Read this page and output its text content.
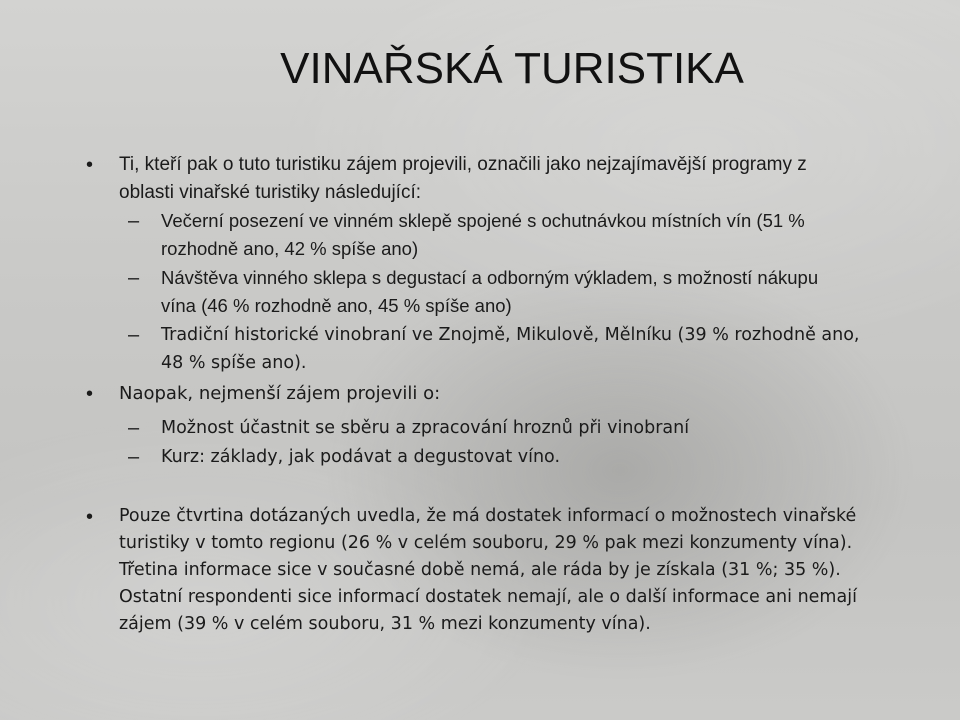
VINAŘSKÁ TURISTIKA
• Ti, kteří pak o tuto turistiku zájem projevili, označili jako nejzajímavější programy z oblasti vinařské turistiky následující:
– Večerní posezení ve vinném sklepě spojené s ochutnávkou místních vín (51 % rozhodně ano, 42 % spíše ano)
– Návštěva vinného sklepa s degustací a odborným výkladem, s možností nákupu vína (46 % rozhodně ano, 45 % spíše ano)
– Tradiční historické vinobraní ve Znojmě, Mikulově, Mělníku (39 % rozhodně ano, 48 % spíše ano).
• Naopak, nejmenší zájem projevili o:
– Možnost účastnit se sběru a zpracování hroznů při vinobraní
– Kurz: základy, jak podávat a degustovat víno.
• Pouze čtvrtina dotázaných uvedla, že má dostatek informací o možnostech vinařské turistiky v tomto regionu (26 % v celém souboru, 29 % pak mezi konzumenty vína). Třetina informace sice v současné době nemá, ale ráda by je získala (31 %; 35 %). Ostatní respondenti sice informací dostatek nemají, ale o další informace ani nemají zájem (39 % v celém souboru, 31 % mezi konzumenty vína).
